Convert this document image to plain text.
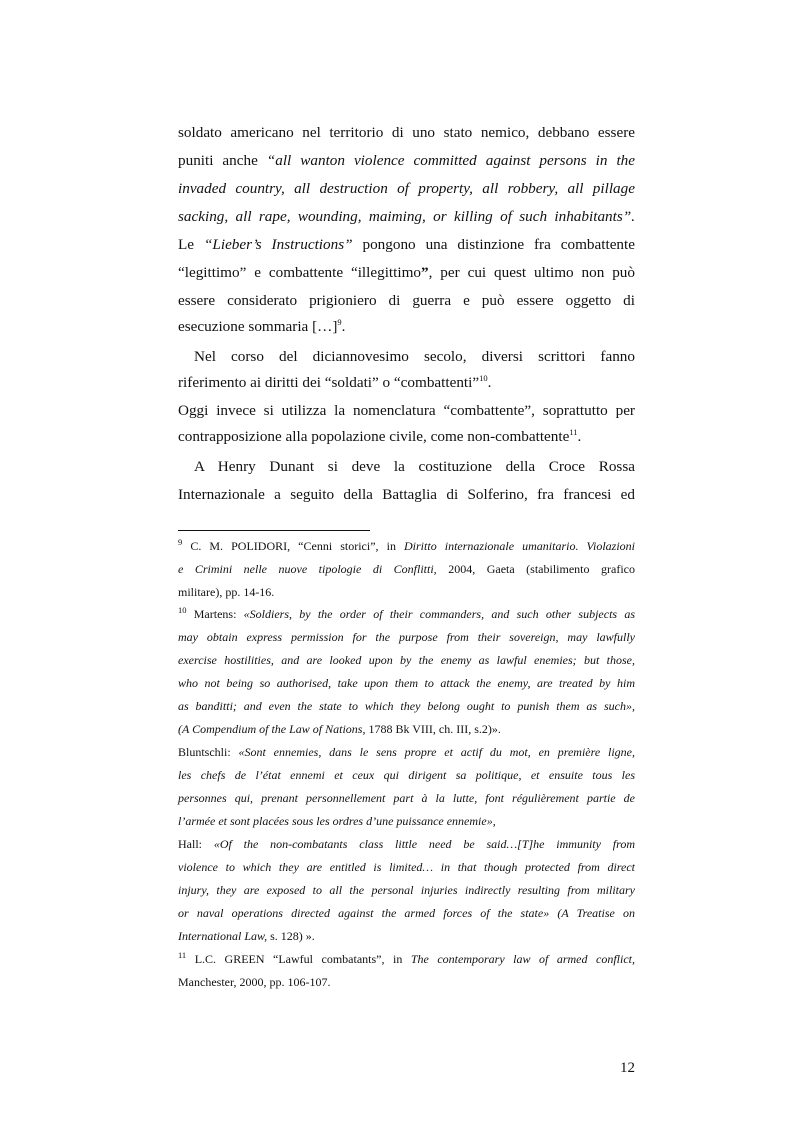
soldato americano nel territorio di uno stato nemico, debbano essere
puniti anche “all wanton violence committed against persons in the
invaded country, all destruction of property, all robbery, all pillage
sacking, all rape, wounding, maiming, or killing of such inhabitants”.
Le “Lieber’s Instructions” pongono una distinzione fra combattente
“legittimo” e combattente “illegittimo”, per cui quest ultimo non può
essere considerato prigioniero di guerra e può essere oggetto di
esecuzione sommaria […]$^9$.
Nel corso del diciannovesimo secolo, diversi scrittori fanno
riferimento ai diritti dei “soldati” o “combattenti”$^{10}$.
Oggi invece si utilizza la nomenclatura “combattente”, soprattutto per
contrapposizione alla popolazione civile, come non-combattente$^{11}$.
A Henry Dunant si deve la costituzione della Croce Rossa
Internazionale a seguito della Battaglia di Solferino, fra francesi ed
$^9$ C. M. POLIDORI, “Cenni storici”, in Diritto internazionale umanitario. Violazioni
e Crimini nelle nuove tipologie di Conflitti, 2004, Gaeta (stabilimento grafico
militare), pp. 14-16.
$^{10}$ Martens: «Soldiers, by the order of their commanders, and such other subjects as
may obtain express permission for the purpose from their sovereign, may lawfully
exercise hostilities, and are looked upon by the enemy as lawful enemies; but those,
who not being so authorised, take upon them to attack the enemy, are treated by him
as banditti; and even the state to which they belong ought to punish them as such»,
(A Compendium of the Law of Nations, 1788 Bk VIII, ch. III, s.2)».
Bluntschli: «Sont ennemies, dans le sens propre et actif du mot, en première ligne,
les chefs de l’état ennemi et ceux qui dirigent sa politique, et ensuite tous les
personnes qui, prenant personnellement part à la lutte, font régulièrement partie de
l’armée et sont placées sous les ordres d’une puissance ennemie»,
Hall: «Of the non-combatants class little need be said…[T]he immunity from
violence to which they are entitled is limited… in that though protected from direct
injury, they are exposed to all the personal injuries indirectly resulting from military
or naval operations directed against the armed forces of the state» (A Treatise on
International Law, s. 128) ».
$^{11}$ L.C. GREEN “Lawful combatants”, in The contemporary law of armed conflict,
Manchester, 2000, pp. 106-107.
12
